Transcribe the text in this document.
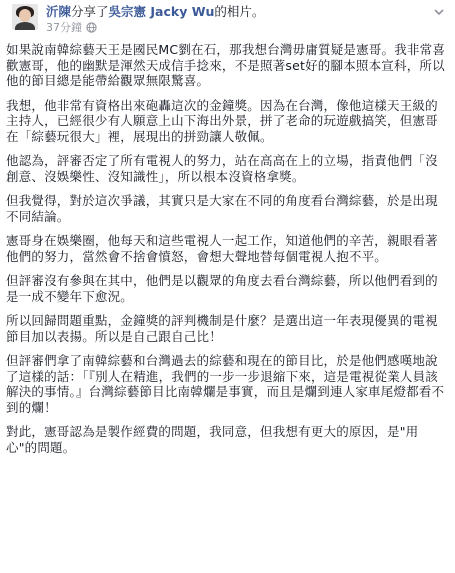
沂陳分享了吳宗憲 Jacky Wu的相片。
37分鐘

如果說南韓綜藝天王是國民MC劉在石，那我想台灣毋庸質疑是憲哥。我非常喜歡憲哥，他的幽默是渾然天成信手捻來，不是照著set好的腳本照本宣科，所以他的節目總是能帶給觀眾無限驚喜。

我想，他非常有資格出來砲轟這次的金鐘獎。因為在台灣，像他這樣天王級的主持人，已經很少有人願意上山下海出外景，拼了老命的玩遊戲搞笑，但憲哥在「綜藝玩很大」裡，展現出的拼勁讓人敬佩。

他認為，評審否定了所有電視人的努力，站在高高在上的立場，指責他們「沒創意、沒娛樂性、沒知識性」，所以根本沒資格拿獎。

但我覺得，對於這次爭議，其實只是大家在不同的角度看台灣綜藝，於是出現不同結論。

憲哥身在娛樂圈，他每天和這些電視人一起工作，知道他們的辛苦，親眼看著他們的努力，當然會不捨會憤怒，會想大聲地替每個電視人抱不平。

但評審沒有參與在其中，他們是以觀眾的角度去看台灣綜藝，所以他們看到的是一成不變年下愈況。

所以回歸問題重點，金鐘獎的評判機制是什麼？是選出這一年表現優異的電視節目加以表揚。所以是自己跟自己比！

但評審們拿了南韓綜藝和台灣過去的綜藝和現在的節目比，於是他們感嘆地說了這樣的話：「『別人在精進，我們的一步一步退縮下來，這是電視從業人員該解決的事情。』台灣綜藝節目比南韓爛是事實，而且是爛到連人家車尾燈都看不到的爛！

對此，憲哥認為是製作經費的問題，我同意，但我想有更大的原因，是"用心"的問題。
